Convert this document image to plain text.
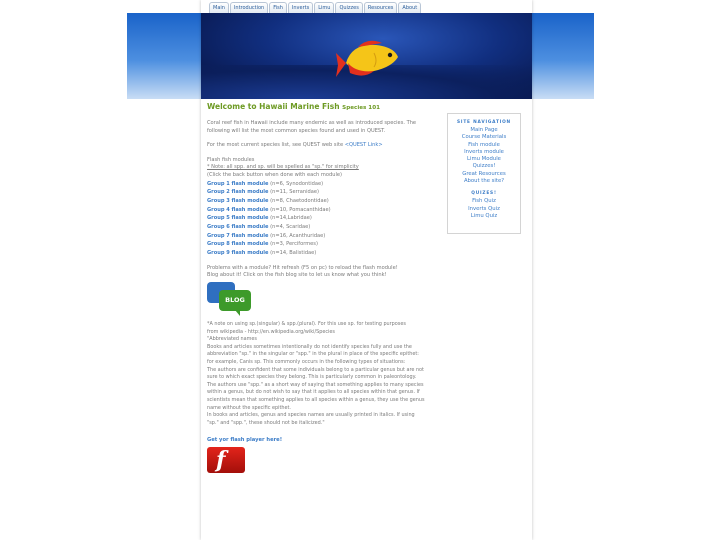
Main	Introduction	Fish	Inverts	Limu	Quizzes	Resources	About
Welcome to Hawaii Marine Fish Species 101
Coral reef fish in Hawaii include many endemic as well as introduced species. The following will list the most common species found and used in QUEST.
For the most current species list, see QUEST web site <QUEST Link>
Flash fish modules
* Note: all spp. and sp. will be spelled as "sp." for simplicity
(Click the back button when done with each module)
Group 1 flash module (n=6, Synodontidae)
Group 2 flash module (n=11, Serranidae)
Group 3 flash module (n=8, Chaetodontidae)
Group 4 flash module (n=10, Pomacanthidae)
Group 5 flash module (n=14,Labridae)
Group 6 flash module (n=4, Scaridae)
Group 7 flash module (n=16, Acanthuridae)
Group 8 flash module (n=3, Perciformes)
Group 9 flash module (n=14, Balistidae)
Problems with a module? Hit refresh (F5 on pc) to reload the flash module!
Blog about it! Click on the fish blog site to let us know what you think!
BLOG
*A note on using sp.(singular) & spp.(plural). For this use sp. for testing purposes
from wikipedia - http://en.wikipedia.org/wiki/Species
"Abbreviated names
Books and articles sometimes intentionally do not identify species fully and use the abbreviation "sp." in the singular or "spp." in the plural in place of the specific epithet: for example, Canis sp. This commonly occurs in the following types of situations:
The authors are confident that some individuals belong to a particular genus but are not sure to which exact species they belong. This is particularly common in paleontology.
The authors use "spp." as a short way of saying that something applies to many species within a genus, but do not wish to say that it applies to all species within that genus. If scientists mean that something applies to all species within a genus, they use the genus name without the specific epithet.
In books and articles, genus and species names are usually printed in italics. If using "sp." and "spp.", these should not be italicized."
Get yor flash player here!
f
SITE NAVIGATION
Main Page
Course Materials
Fish module
Inverts module
Limu Module
Quizzes!
Great Resources
About the site?
QUIZES!
Fish Quiz
Inverts Quiz
Limu Quiz
